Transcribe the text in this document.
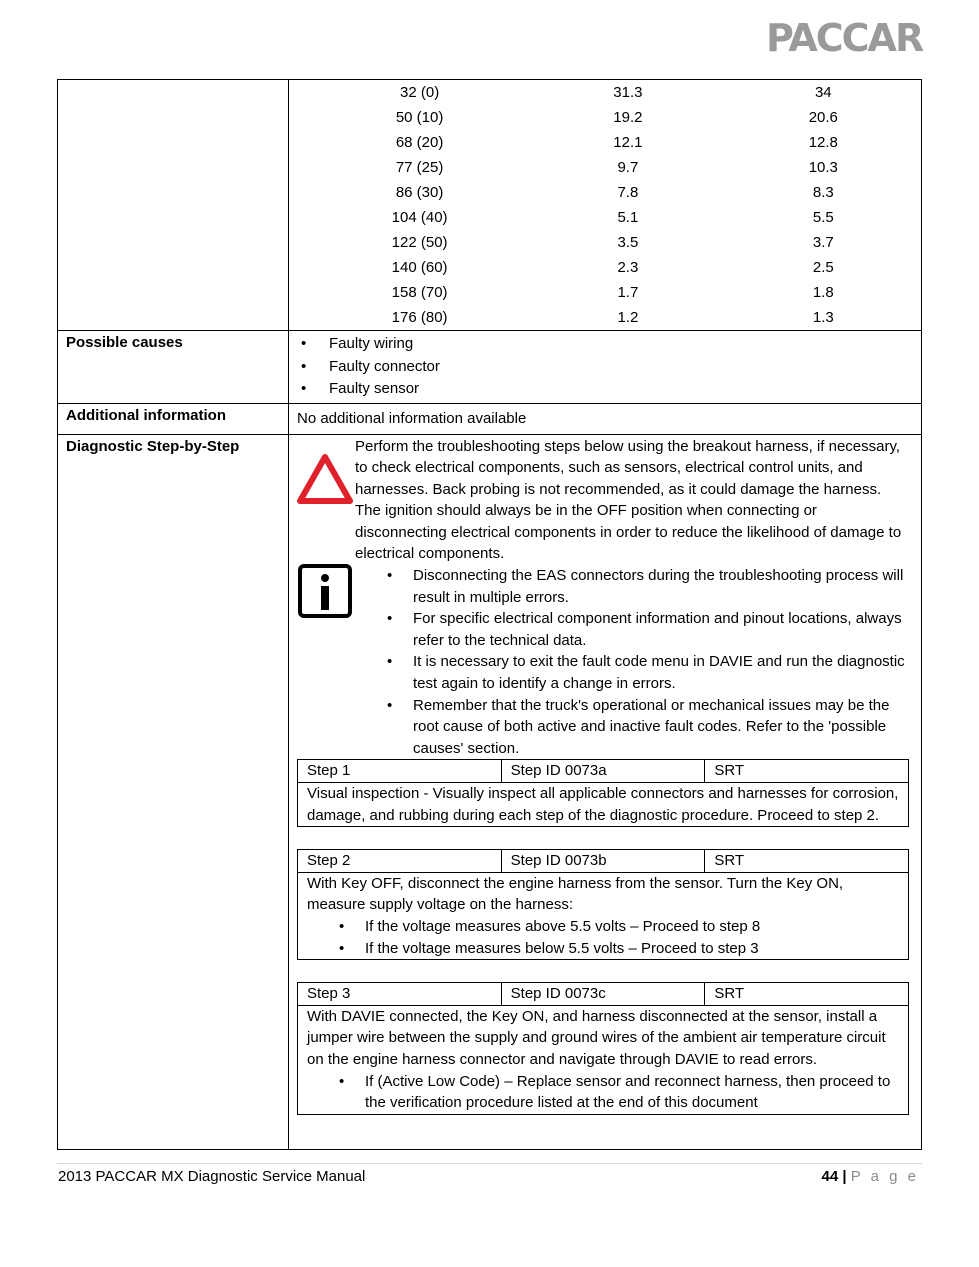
PACCAR

32 (0)	31.3	34
50 (10)	19.2	20.6
68 (20)	12.1	12.8
77 (25)	9.7	10.3
86 (30)	7.8	8.3
104 (40)	5.1	5.5
122 (50)	3.5	3.7
140 (60)	2.3	2.5
158 (70)	1.7	1.8
176 (80)	1.2	1.3

Possible causes	
•Faulty wiring
• Faulty connector
• Faulty sensor

Additional information	No additional information available

Diagnostic Step-by-Step	Perform the troubleshooting steps below using the breakout harness, if necessary, to check electrical components, such as sensors, electrical control units, and harnesses. Back probing is not recommended, as it could damage the harness. The ignition should always be in the OFF position when connecting or disconnecting electrical components in order to reduce the likelihood of damage to electrical components.
• Disconnecting the EAS connectors during the troubleshooting process will result in multiple errors.
• For specific electrical component information and pinout locations, always refer to the technical data.
• It is necessary to exit the fault code menu in DAVIE and run the diagnostic test again to identify a change in errors.
• Remember that the truck's operational or mechanical issues may be the root cause of both active and inactive fault codes. Refer to the 'possible causes' section.
Step 1	Step ID 0073a	SRT

Visual inspection - Visually inspect all applicable connectors and harnesses for corrosion, damage, and rubbing during each step of the diagnostic procedure. Proceed to step 2.
Step 2	Step ID 0073b	SRT

With Key OFF, disconnect the engine harness from the sensor. Turn the Key ON, measure supply voltage on the harness:
• If the voltage measures above 5.5 volts – Proceed to step 8
• If the voltage measures below 5.5 volts – Proceed to step 3
Step 3	Step ID 0073c	SRT

With DAVIE connected, the Key ON, and harness disconnected at the sensor, install a jumper wire between the supply and ground wires of the ambient air temperature circuit on the engine harness connector and navigate through DAVIE to read errors.
• If (Active Low Code) – Replace sensor and reconnect harness, then proceed to the verification procedure listed at the end of this document
2013 PACCAR MX Diagnostic Service Manual	44 | P a g e
